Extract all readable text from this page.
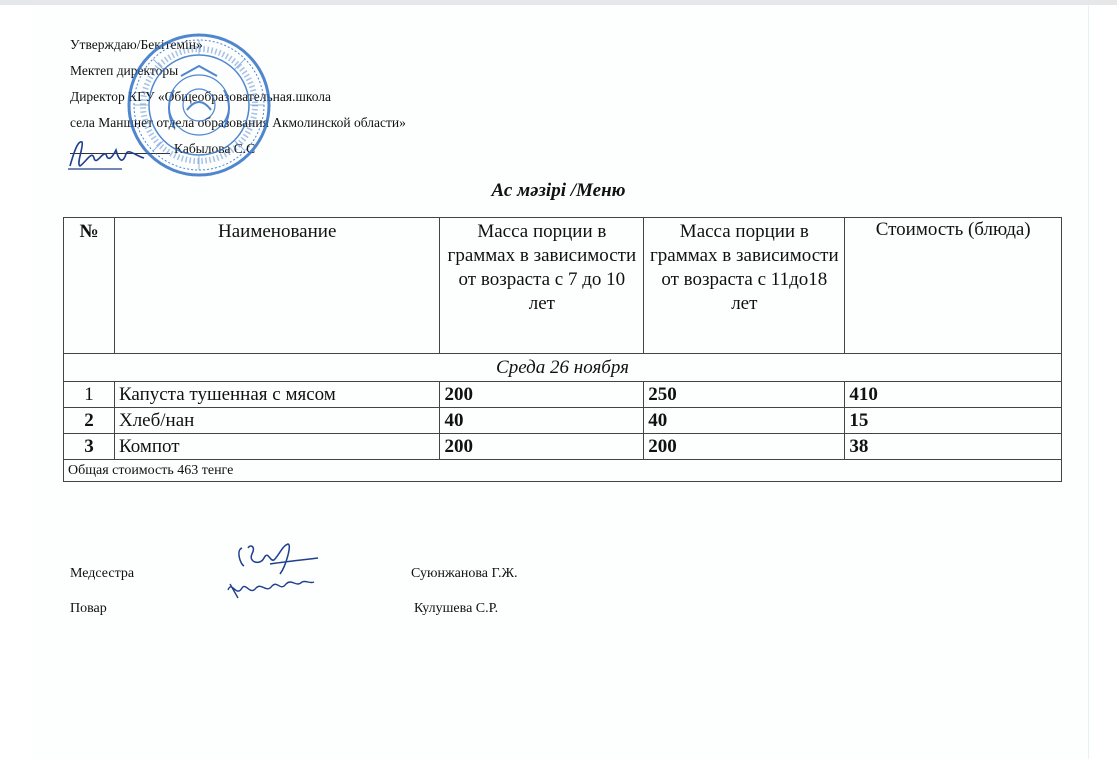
Утверждаю/Бекітемін»
Мектеп директоры
Директор КГУ «Общеобразовательная.школа
села Маншнет отдела образования Акмолинской области»
Кабылова С.С
Ас мәзірі /Меню
№	Наименование	Масса порции в граммах в зависимости от возраста с 7 до 10 лет	Масса порции в граммах в зависимости от возраста с 11до18 лет	Стоимость (блюда)
Среда 26 ноября				
1	Капуста тушенная с мясом	200	250	410
2	Хлеб/нан	40	40	15
3	Компот	200	200	38
Общая стоимость 463 тенге				
Медсестра	Суюнжанова Г.Ж.
Повар	Кулушева С.Р.
